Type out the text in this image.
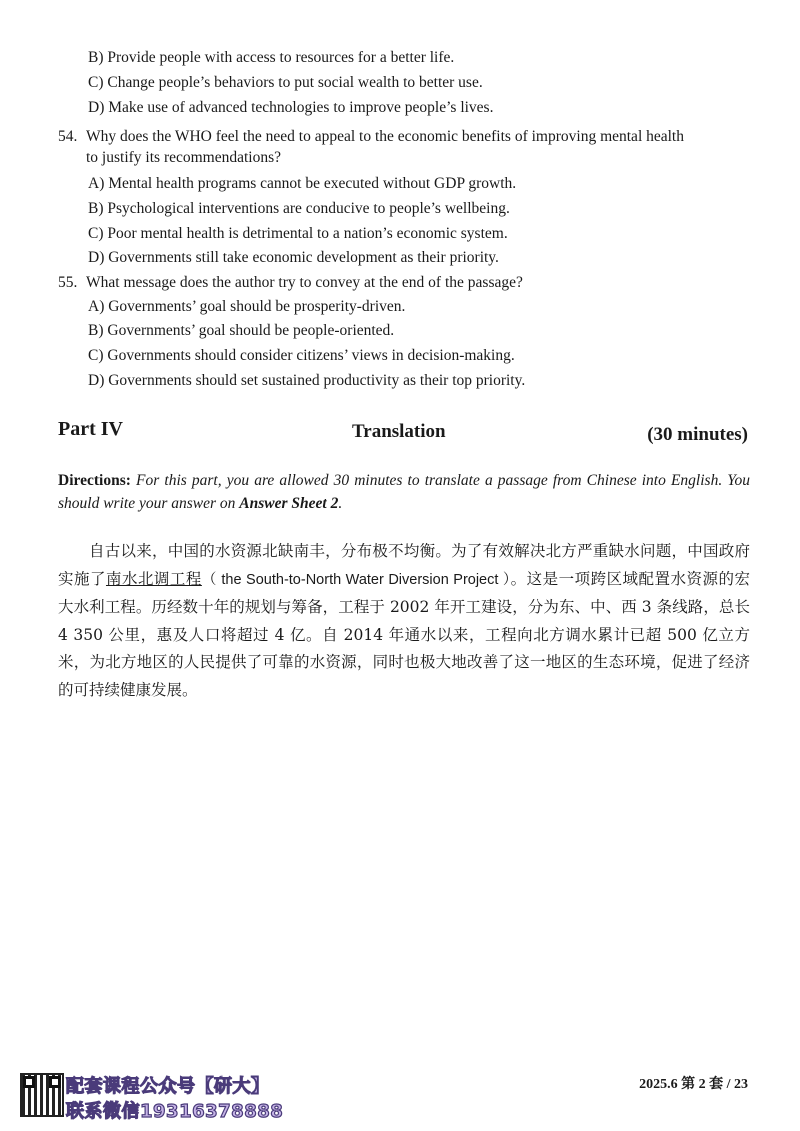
B) Provide people with access to resources for a better life.
C) Change people’s behaviors to put social wealth to better use.
D) Make use of advanced technologies to improve people’s lives.
54. Why does the WHO feel the need to appeal to the economic benefits of improving mental health
to justify its recommendations?
A) Mental health programs cannot be executed without GDP growth.
B) Psychological interventions are conducive to people’s wellbeing.
C) Poor mental health is detrimental to a nation’s economic system.
D) Governments still take economic development as their priority.
55. What message does the author try to convey at the end of the passage?
A) Governments’ goal should be prosperity-driven.
B) Governments’ goal should be people-oriented.
C) Governments should consider citizens’ views in decision-making.
D) Governments should set sustained productivity as their top priority.
Part IV	Translation	(30 minutes)
Directions: For this part, you are allowed 30 minutes to translate a passage from Chinese into English. You should write your answer on Answer Sheet 2.
自古以来，中国的水资源北缺南丰，分布极不均衡。为了有效解决北方严重缺水问题，中国政府实施了南水北调工程（ the South-to-North Water Diversion Project ）。这是一项跨区域配置水资源的宏大水利工程。历经数十年的规划与筹备，工程于 2002 年开工建设，分为东、中、西 3 条线路，总长 4 350 公里，惠及人口将超过 4 亿。自 2014 年通水以来，工程向北方调水累计已超 500 亿立方米，为北方地区的人民提供了可靠的水资源，同时也极大地改善了这一地区的生态环境，促进了经济的可持续健康发展。
配套课程公众号【研大】
联系微信19316378888
2025.6 第 2 套 / 23
